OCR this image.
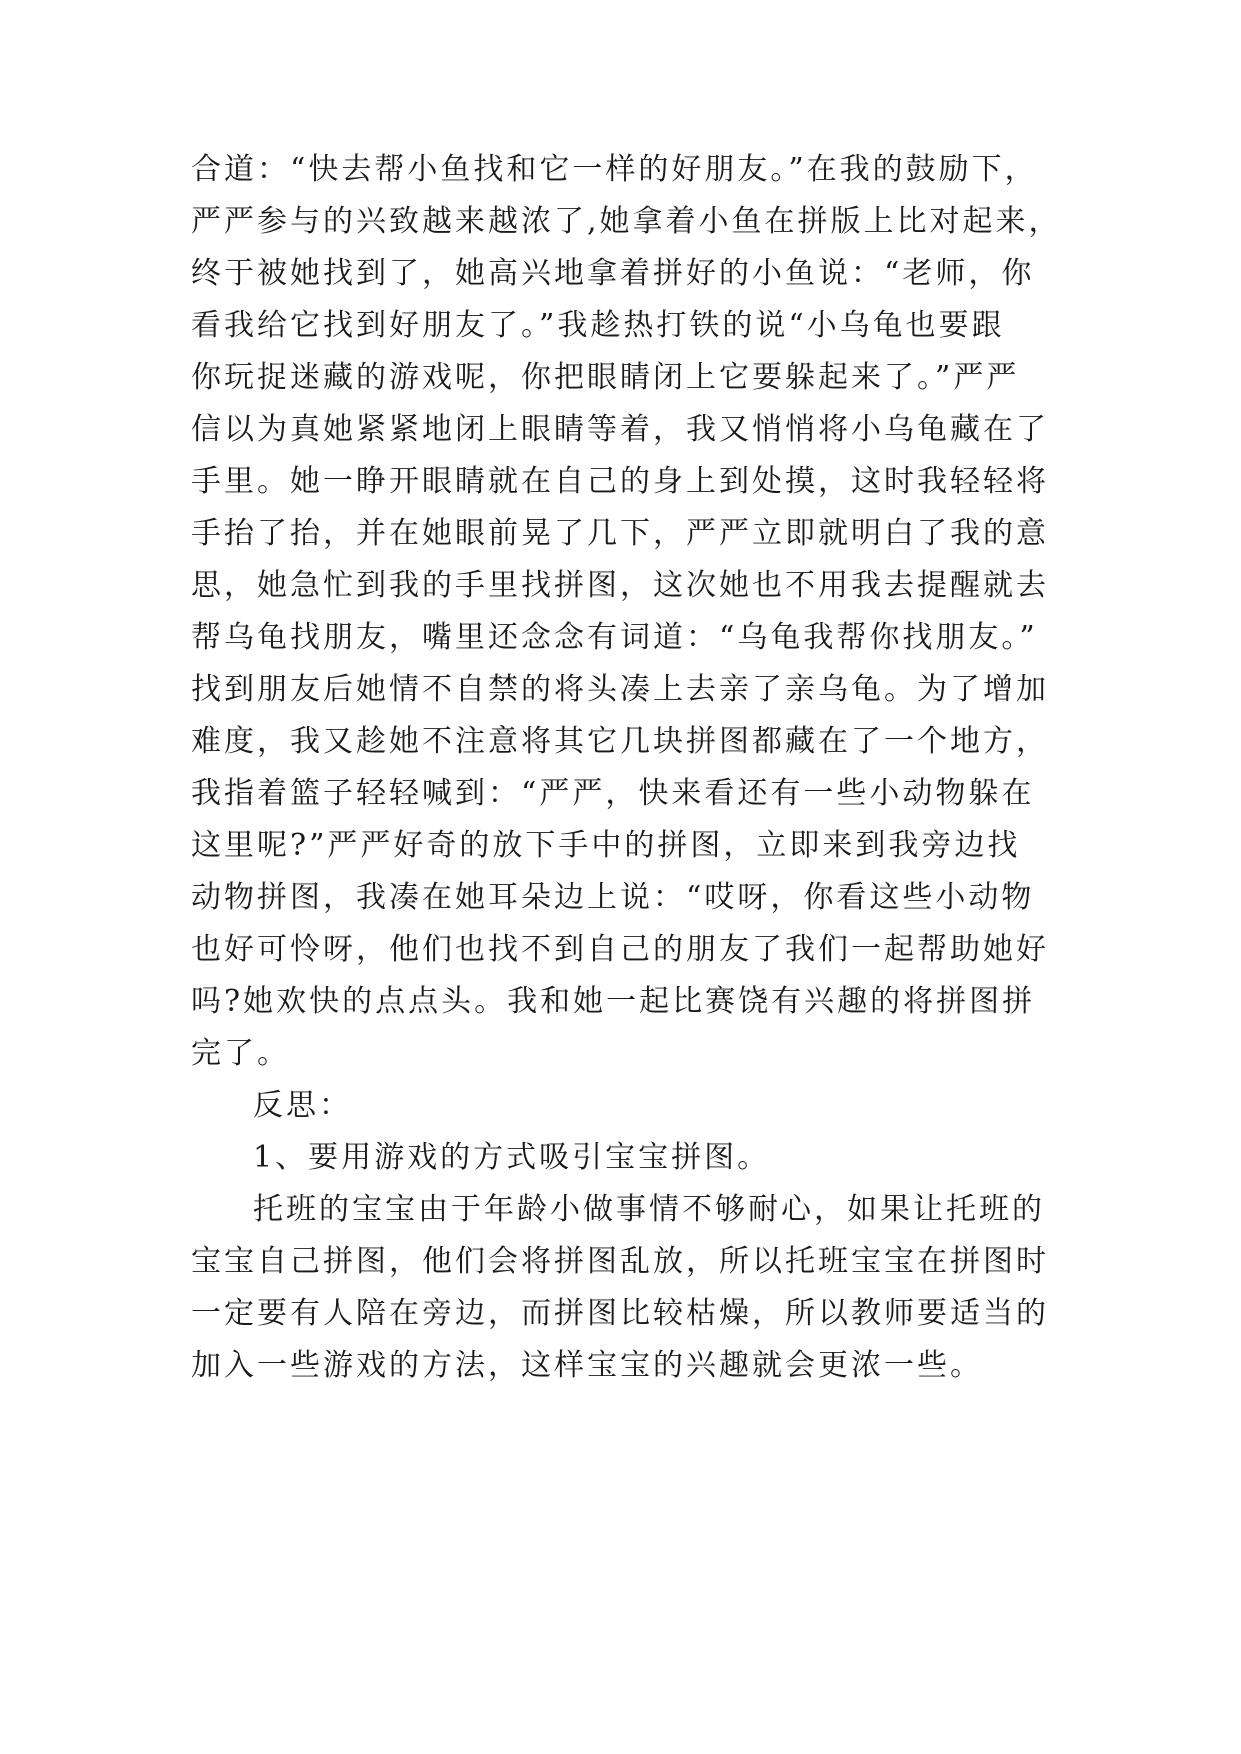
合道：“快去帮小鱼找和它一样的好朋友。”在我的鼓励下，
严严参与的兴致越来越浓了,她拿着小鱼在拼版上比对起来，
终于被她找到了，她高兴地拿着拼好的小鱼说：“老师，你
看我给它找到好朋友了。”我趁热打铁的说“小乌龟也要跟
你玩捉迷藏的游戏呢，你把眼睛闭上它要躲起来了。”严严
信以为真她紧紧地闭上眼睛等着，我又悄悄将小乌龟藏在了
手里。她一睁开眼睛就在自己的身上到处摸，这时我轻轻将
手抬了抬，并在她眼前晃了几下，严严立即就明白了我的意
思，她急忙到我的手里找拼图，这次她也不用我去提醒就去
帮乌龟找朋友，嘴里还念念有词道：“乌龟我帮你找朋友。”
找到朋友后她情不自禁的将头凑上去亲了亲乌龟。为了增加
难度，我又趁她不注意将其它几块拼图都藏在了一个地方，
我指着篮子轻轻喊到：“严严，快来看还有一些小动物躲在
这里呢?”严严好奇的放下手中的拼图，立即来到我旁边找
动物拼图，我凑在她耳朵边上说：“哎呀，你看这些小动物
也好可怜呀，他们也找不到自己的朋友了我们一起帮助她好
吗?她欢快的点点头。我和她一起比赛饶有兴趣的将拼图拼
完了。
反思：
1、要用游戏的方式吸引宝宝拼图。
托班的宝宝由于年龄小做事情不够耐心，如果让托班的
宝宝自己拼图，他们会将拼图乱放，所以托班宝宝在拼图时
一定要有人陪在旁边，而拼图比较枯燥，所以教师要适当的
加入一些游戏的方法，这样宝宝的兴趣就会更浓一些。
